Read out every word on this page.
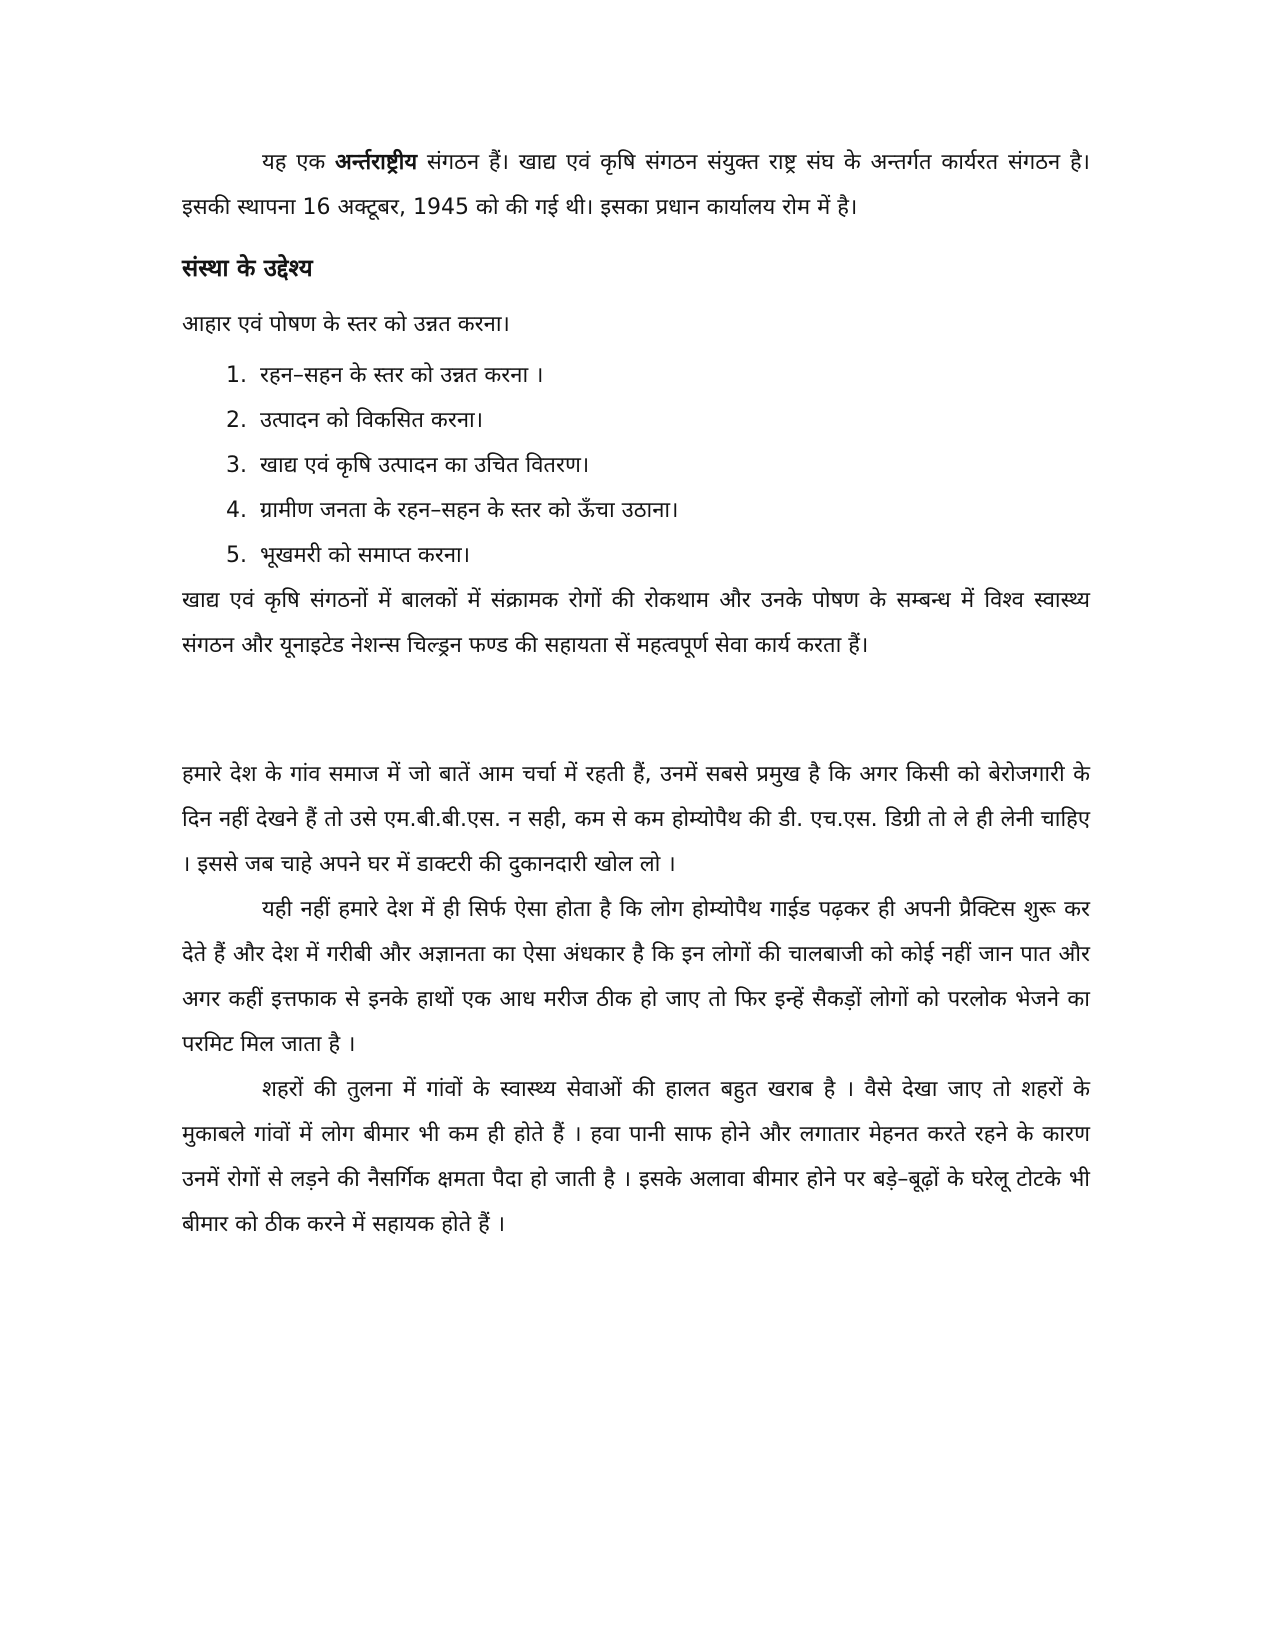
यह एक अर्न्तराष्ट्रीय संगठन हैं। खाद्य एवं कृषि संगठन संयुक्त राष्ट्र संघ के अन्तर्गत कार्यरत संगठन है। इसकी स्थापना 16 अक्टूबर, 1945 को की गई थी। इसका प्रधान कार्यालय रोम में है।

संस्था के उद्देश्य

आहार एवं पोषण के स्तर को उन्नत करना।

1. रहन–सहन के स्तर को उन्नत करना ।
2. उत्पादन को विकसित करना।
3. खाद्य एवं कृषि उत्पादन का उचित वितरण।
4. ग्रामीण जनता के रहन–सहन के स्तर को ऊँचा उठाना।
5. भूखमरी को समाप्त करना।

खाद्य एवं कृषि संगठनों में बालकों में संक्रामक रोगों की रोकथाम और उनके पोषण के सम्बन्ध में विश्व स्वास्थ्य संगठन और यूनाइटेड नेशन्स चिल्ड्रन फण्ड की सहायता सें महत्वपूर्ण सेवा कार्य करता हैं।

हमारे देश के गांव समाज में जो बातें आम चर्चा में रहती हैं, उनमें सबसे प्रमुख है कि अगर किसी को बेरोजगारी के दिन नहीं देखने हैं तो उसे एम.बी.बी.एस. न सही, कम से कम होम्योपैथ की डी. एच.एस. डिग्री तो ले ही लेनी चाहिए । इससे जब चाहे अपने घर में डाक्टरी की दुकानदारी खोल लो ।

यही नहीं हमारे देश में ही सिर्फ ऐसा होता है कि लोग होम्योपैथ गाईड पढ़कर ही अपनी प्रैक्टिस शुरू कर देते हैं और देश में गरीबी और अज्ञानता का ऐसा अंधकार है कि इन लोगों की चालबाजी को कोई नहीं जान पात और अगर कहीं इत्तफाक से इनके हाथों एक आध मरीज ठीक हो जाए तो फिर इन्हें सैकड़ों लोगों को परलोक भेजने का परमिट मिल जाता है ।

शहरों की तुलना में गांवों के स्वास्थ्य सेवाओं की हालत बहुत खराब है । वैसे देखा जाए तो शहरों के मुकाबले गांवों में लोग बीमार भी कम ही होते हैं । हवा पानी साफ होने और लगातार मेहनत करते रहने के कारण उनमें रोगों से लड़ने की नैसर्गिक क्षमता पैदा हो जाती है । इसके अलावा बीमार होने पर बड़े–बूढ़ों के घरेलू टोटके भी बीमार को ठीक करने में सहायक होते हैं ।
